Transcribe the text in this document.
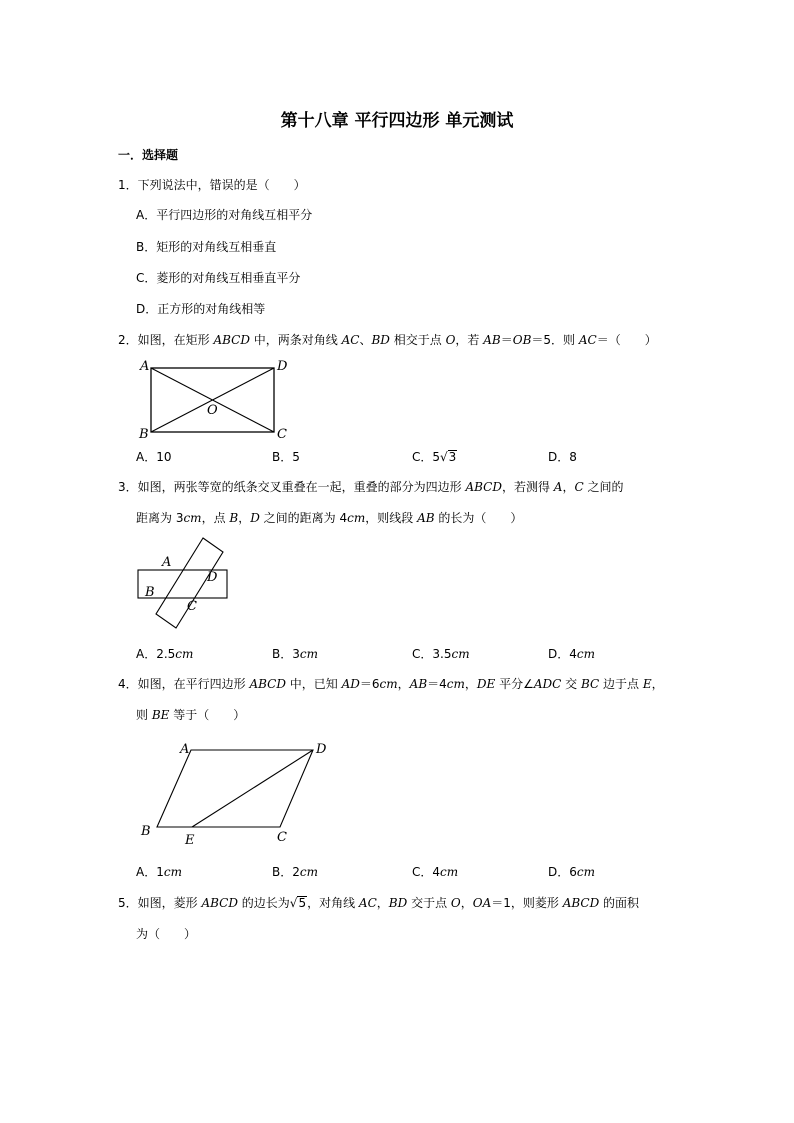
第十八章 平行四边形 单元测试
一．选择题
1．下列说法中，错误的是（　　）
A．平行四边形的对角线互相平分
B．矩形的对角线互相垂直
C．菱形的对角线互相垂直平分
D．正方形的对角线相等
2．如图，在矩形 ABCD 中，两条对角线 AC、BD 相交于点 O，若 AB＝OB＝5．则 AC＝（　　）
A	D
O
B	C
A．10	B．5	C．5√3	D．8
3．如图，两张等宽的纸条交叉重叠在一起，重叠的部分为四边形 ABCD，若测得 A，C 之间的
距离为 3cm，点 B，D 之间的距离为 4cm，则线段 AB 的长为（　　）
A
D
B
C
A．2.5cm	B．3cm	C．3.5cm	D．4cm
4．如图，在平行四边形 ABCD 中，已知 AD＝6cm，AB＝4cm，DE 平分∠ADC 交 BC 边于点 E，
则 BE 等于（　　）
A	D
B
E	C
A．1cm	B．2cm	C．4cm	D．6cm
5．如图，菱形 ABCD 的边长为√5，对角线 AC，BD 交于点 O，OA＝1，则菱形 ABCD 的面积
为（　　）
